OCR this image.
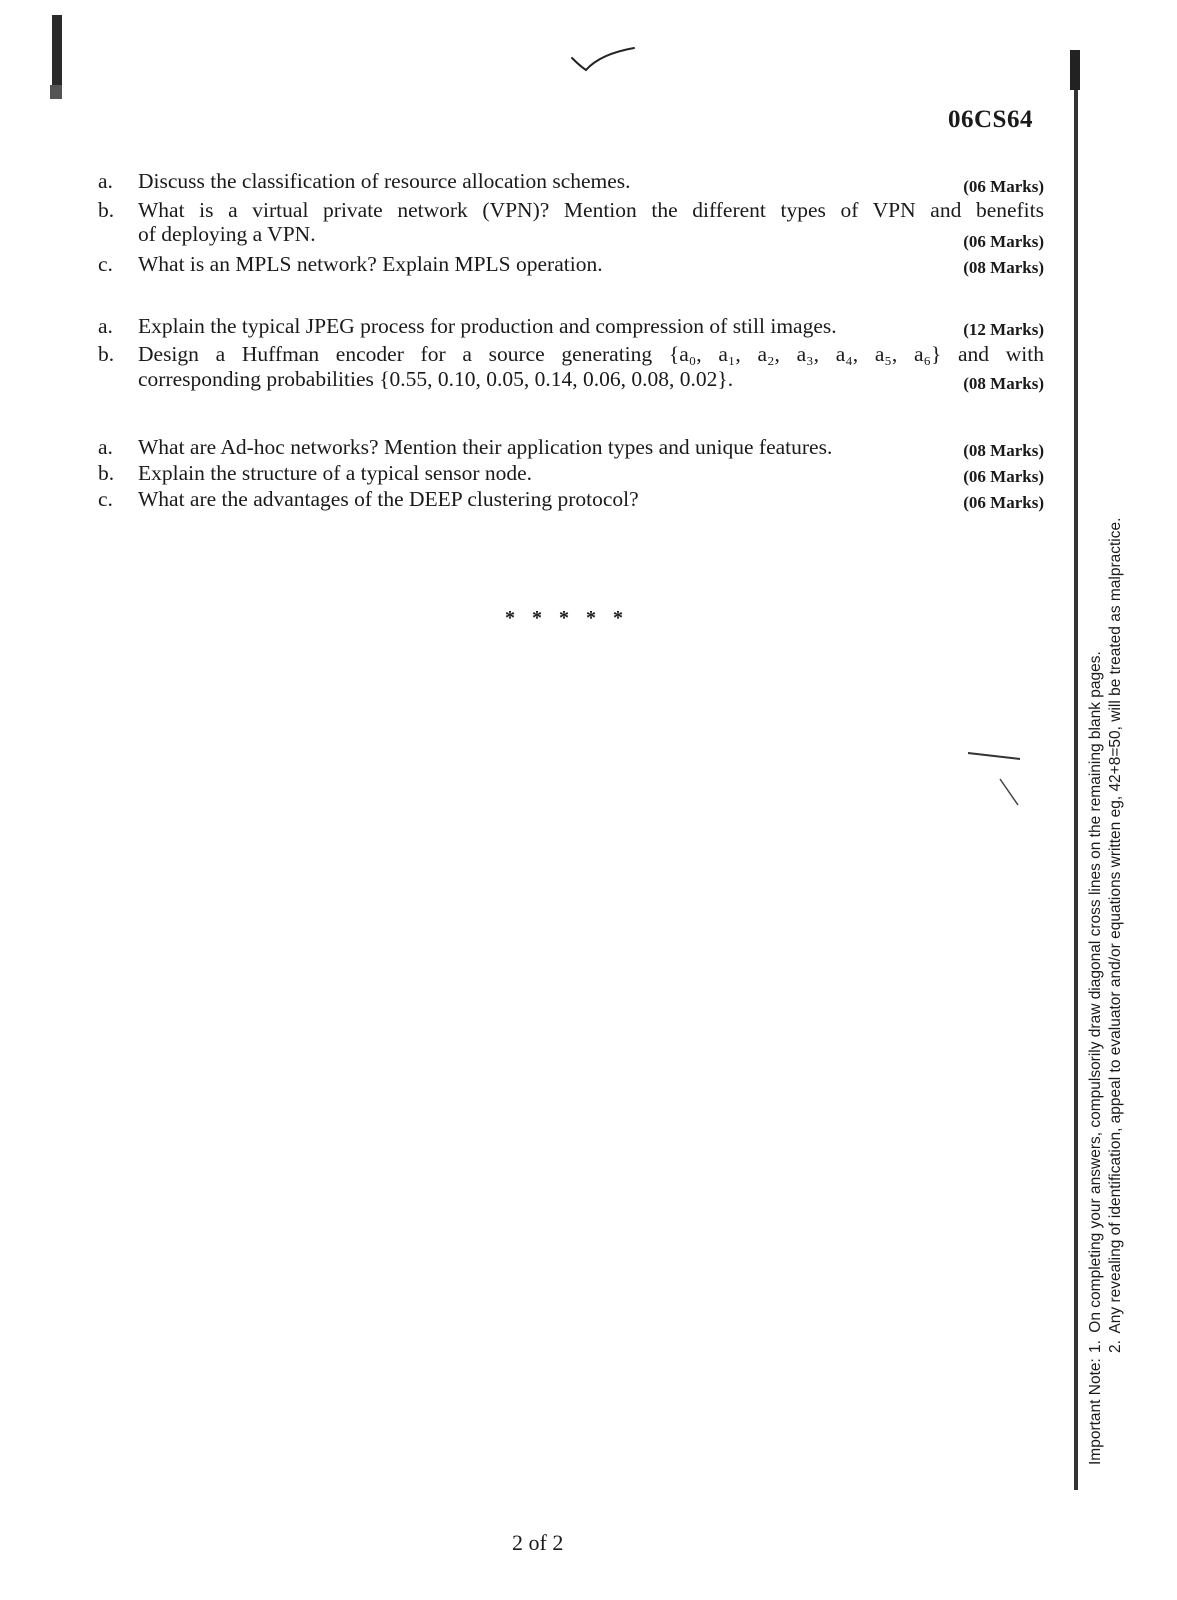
06CS64
a.	Discuss the classification of resource allocation schemes.	(06 Marks)
b.	What is a virtual private network (VPN)? Mention the different types of VPN and benefits
of deploying a VPN.	(06 Marks)
c.	What is an MPLS network? Explain MPLS operation.	(08 Marks)
a.	Explain the typical JPEG process for production and compression of still images.	(12 Marks)
b.	Design a Huffman encoder for a source generating {a₀, a₁, a₂, a₃, a₄, a₅, a₆} and with
corresponding probabilities {0.55, 0.10, 0.05, 0.14, 0.06, 0.08, 0.02}.	(08 Marks)
a.	What are Ad-hoc networks? Mention their application types and unique features.	(08 Marks)
b.	Explain the structure of a typical sensor node.	(06 Marks)
c.	What are the advantages of the DEEP clustering protocol?	(06 Marks)
* * * * *
2 of 2
Important Note:1. On completing your answers, compulsorily draw diagonal cross lines on the remaining blank pages.
2. Any revealing of identification, appeal to evaluator and/or equations written eg, 42+8=50, will be treated as malpractice.
